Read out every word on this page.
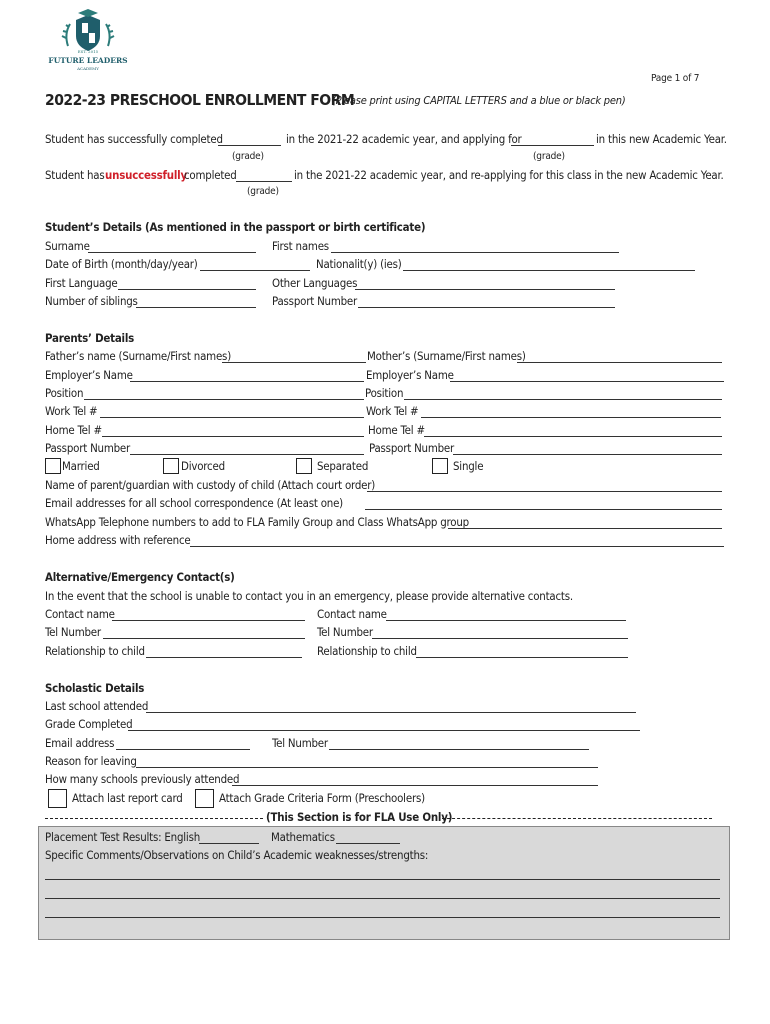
EST. 2015
FUTURE LEADERS
ACADEMY
Page 1 of 7
2022-23 PRESCHOOL ENROLLMENT FORM
(Please print using CAPITAL LETTERS and a blue or black pen)
Student has successfully completed	in the 2021-22 academic year, and applying for	in this new Academic Year.
(grade)	(grade)
Student has unsuccessfully
completed	in the 2021-22 academic year, and re-applying for this class in the new Academic Year.
(grade)
Student’s Details (As mentioned in the passport or birth certificate)
Surname	First names
Date of Birth (month/day/year)	Nationalit(y) (ies)
First Language	Other Languages
Number of siblings	Passport Number
Parents’ Details
Father’s name (Surname/First names)	Mother’s (Surname/First names)
Employer’s Name	Employer’s Name
Position	Position
Work Tel #	Work Tel #
Home Tel #	Home Tel #
Passport Number	Passport Number
Married	Divorced	Separated	Single
Name of parent/guardian with custody of child (Attach court order)
Email addresses for all school correspondence (At least one)
WhatsApp Telephone numbers to add to FLA Family Group and Class WhatsApp group
Home address with reference
Alternative/Emergency Contact(s)
In the event that the school is unable to contact you in an emergency, please provide alternative contacts.
Contact name	Contact name
Tel Number	Tel Number
Relationship to child	Relationship to child
Scholastic Details
Last school attended
Grade Completed
Email address	Tel Number
Reason for leaving
How many schools previously attended
Attach last report card	Attach Grade Criteria Form (Preschoolers)
(This Section is for FLA Use Only)
Placement Test Results: English	Mathematics
Specific Comments/Observations on Child’s Academic weaknesses/strengths:
